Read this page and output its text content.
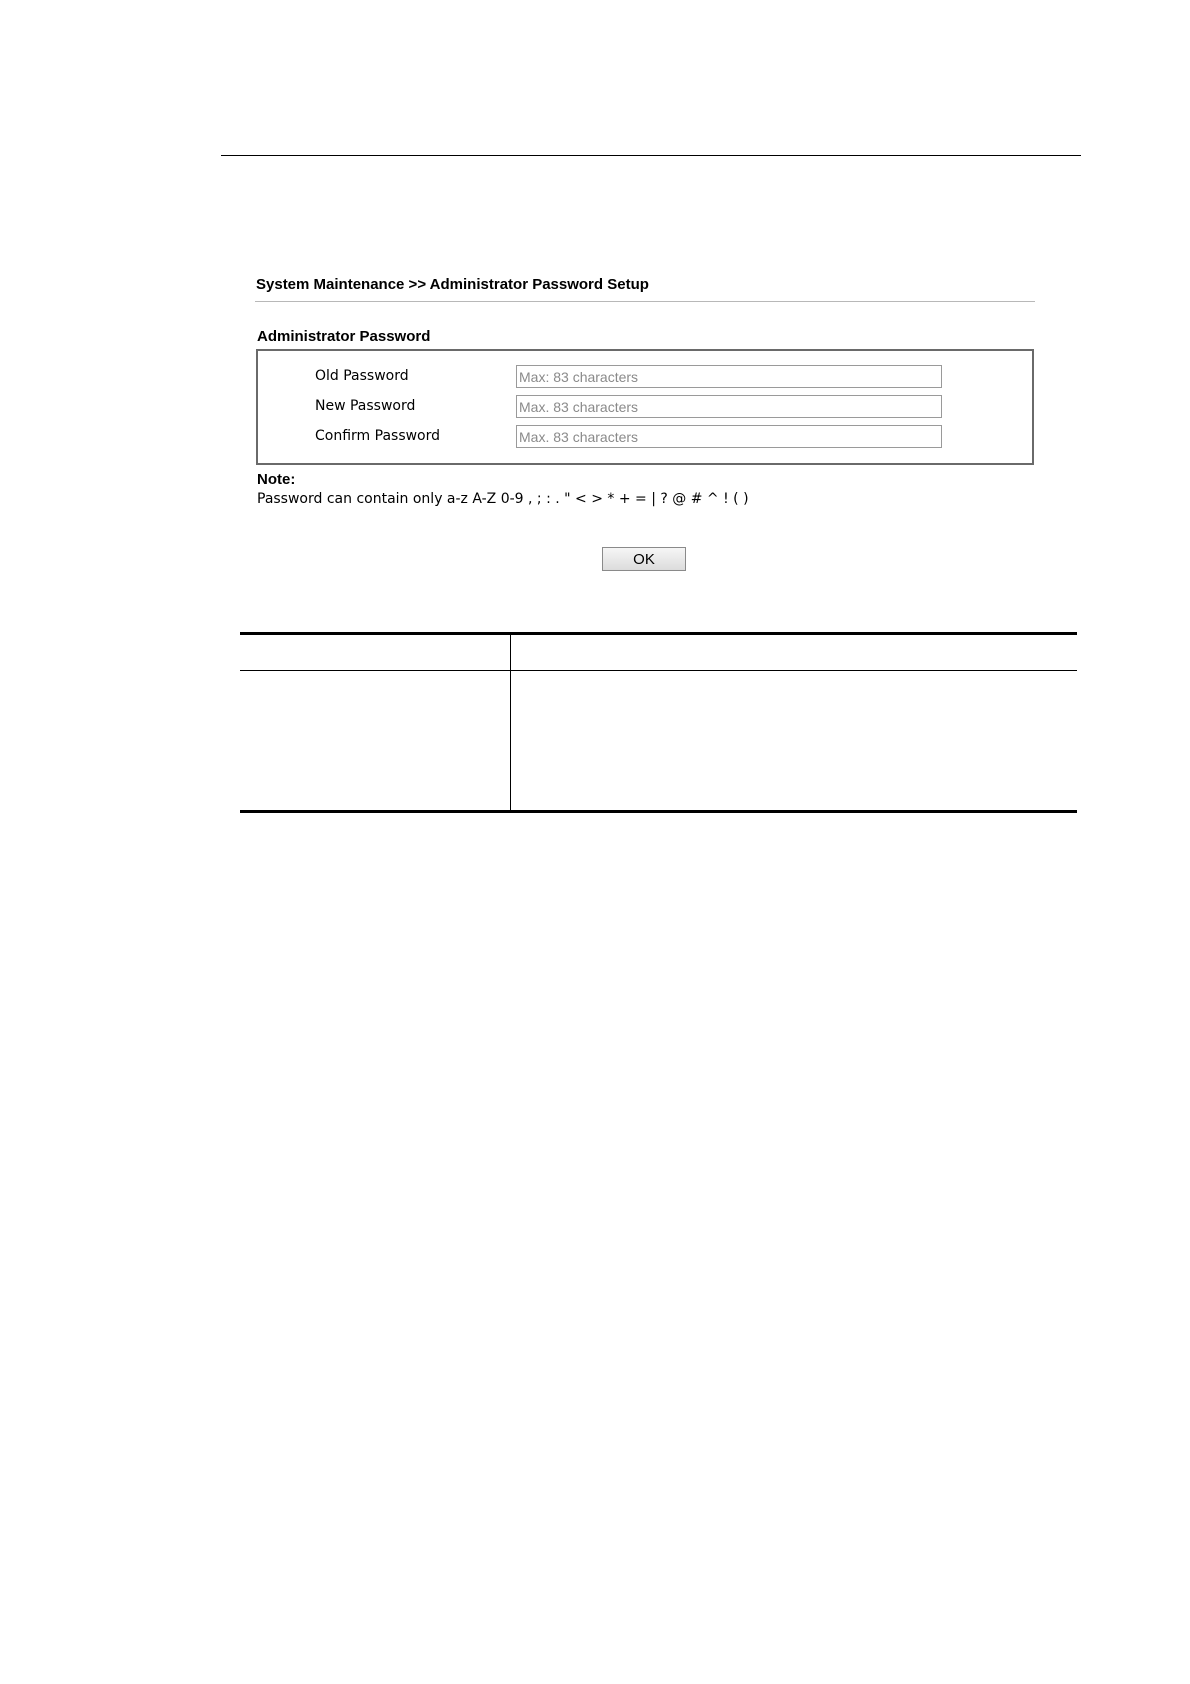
System Maintenance >> Administrator Password Setup
Administrator Password
Old Password
New Password
Confirm Password
Note:
Password can contain only a-z A-Z 0-9 , ; : . " < > * + = | ? @ # ^ ! ( )
OK
